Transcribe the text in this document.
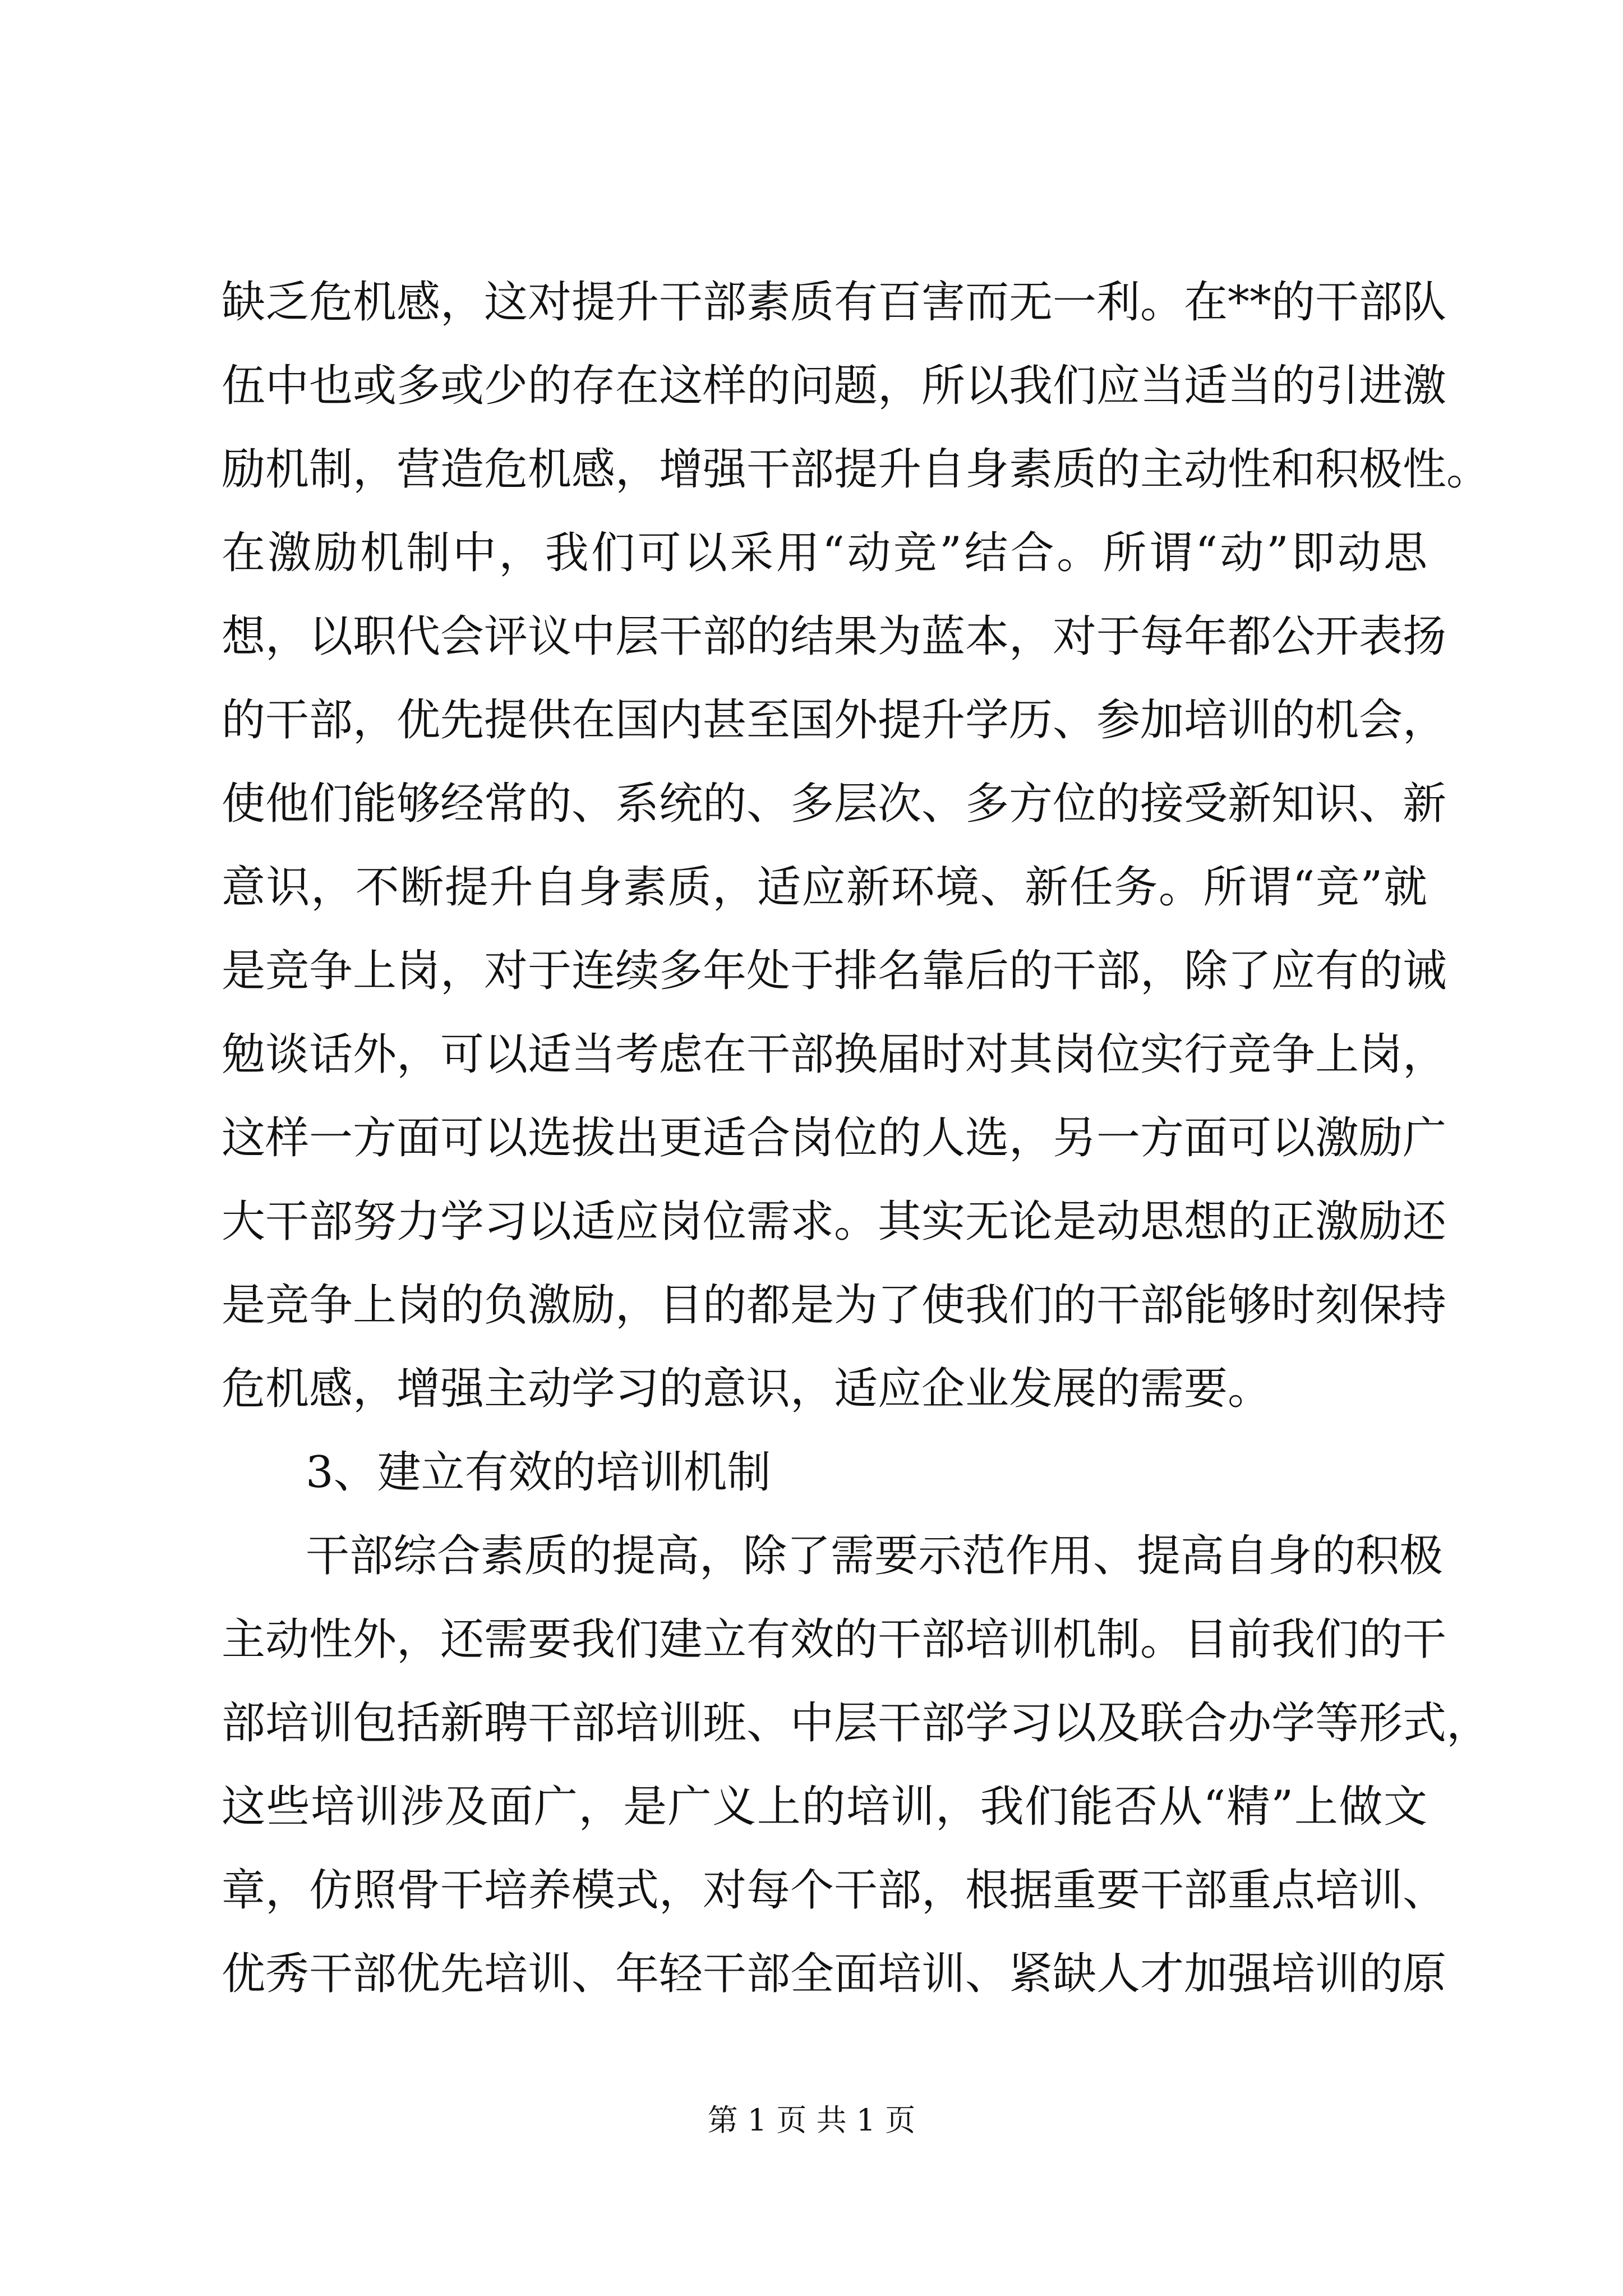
缺乏危机感，这对提升干部素质有百害而无一利。在**的干部队
伍中也或多或少的存在这样的问题，所以我们应当适当的引进激
励机制，营造危机感，增强干部提升自身素质的主动性和积极性。
在激励机制中，我们可以采用“动竞”结合。所谓“动”即动思
想，以职代会评议中层干部的结果为蓝本，对于每年都公开表扬
的干部，优先提供在国内甚至国外提升学历、参加培训的机会，
使他们能够经常的、系统的、多层次、多方位的接受新知识、新
意识，不断提升自身素质，适应新环境、新任务。所谓“竞”就
是竞争上岗，对于连续多年处于排名靠后的干部，除了应有的诫
勉谈话外，可以适当考虑在干部换届时对其岗位实行竞争上岗，
这样一方面可以选拔出更适合岗位的人选，另一方面可以激励广
大干部努力学习以适应岗位需求。其实无论是动思想的正激励还
是竞争上岗的负激励，目的都是为了使我们的干部能够时刻保持
危机感，增强主动学习的意识，适应企业发展的需要。
3、建立有效的培训机制
干部综合素质的提高，除了需要示范作用、提高自身的积极
主动性外，还需要我们建立有效的干部培训机制。目前我们的干
部培训包括新聘干部培训班、中层干部学习以及联合办学等形式，
这些培训涉及面广，是广义上的培训，我们能否从“精”上做文
章，仿照骨干培养模式，对每个干部，根据重要干部重点培训、
优秀干部优先培训、年轻干部全面培训、紧缺人才加强培训的原
第 1 页 共 1 页
